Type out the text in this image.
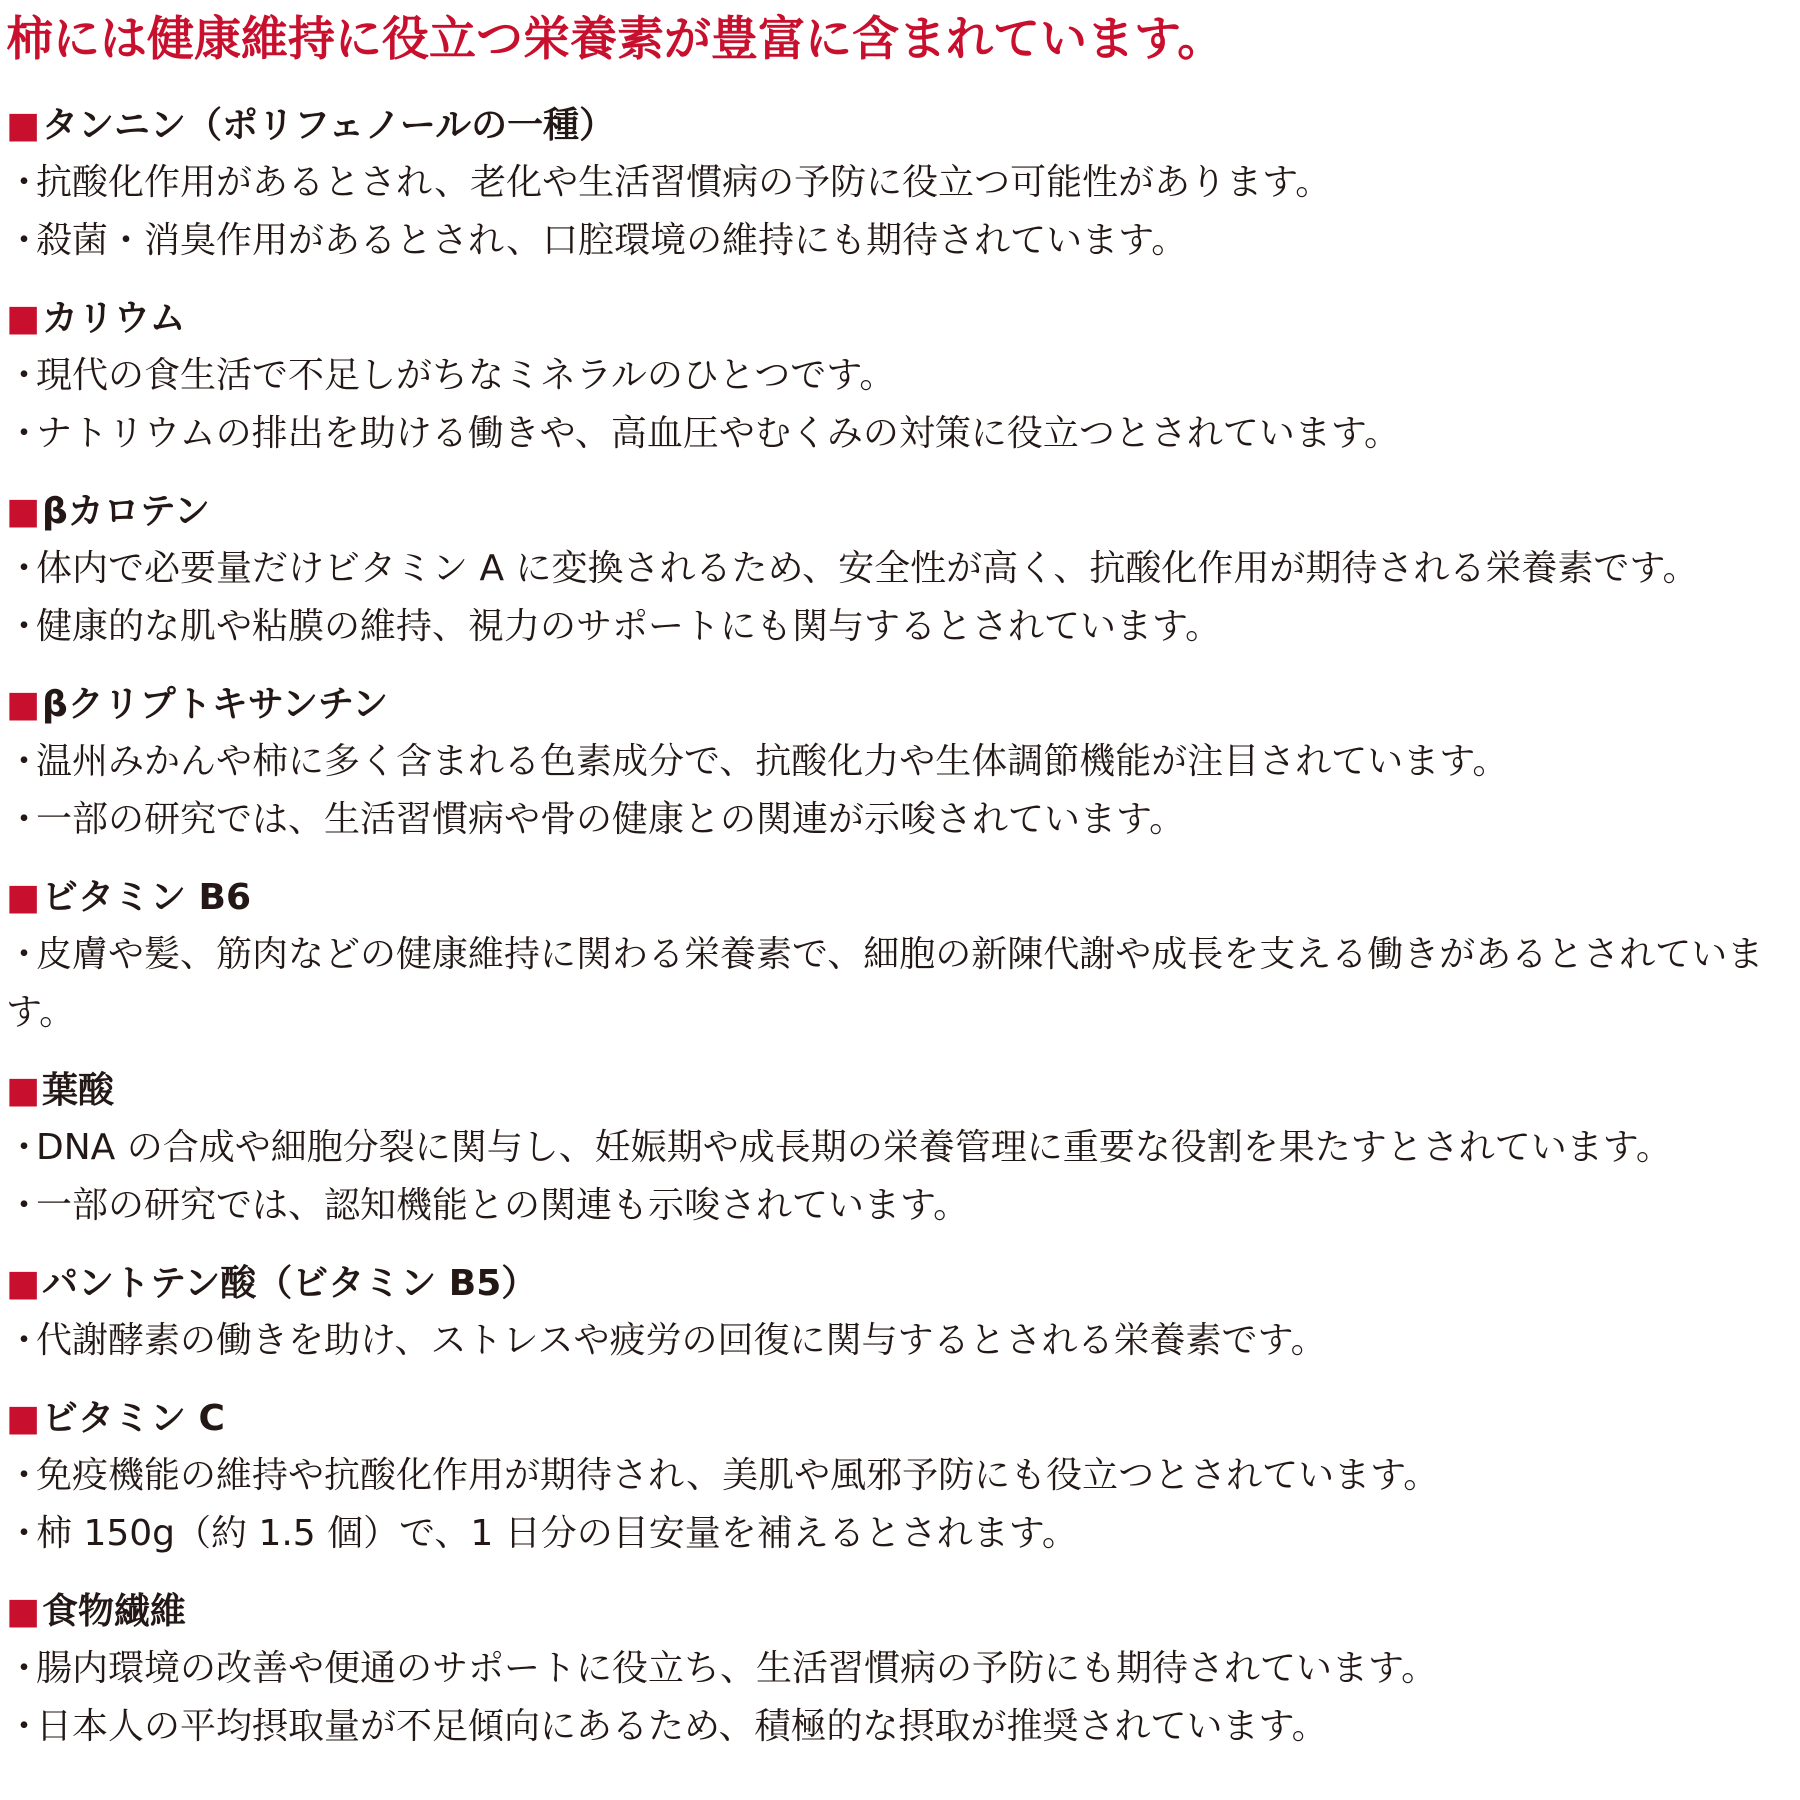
柿には健康維持に役立つ栄養素が豊富に含まれています。
■ タンニン（ポリフェノールの一種）
・抗酸化作用があるとされ、老化や生活習慣病の予防に役立つ可能性があります。
・殺菌・消臭作用があるとされ、口腔環境の維持にも期待されています。
■ カリウム
・現代の食生活で不足しがちなミネラルのひとつです。
・ナトリウムの排出を助ける働きや、高血圧やむくみの対策に役立つとされています。
■ βカロテン
・体内で必要量だけビタミン A に変換されるため、安全性が高く、抗酸化作用が期待される栄養素です。
・健康的な肌や粘膜の維持、視力のサポートにも関与するとされています。
■ βクリプトキサンチン
・温州みかんや柿に多く含まれる色素成分で、抗酸化力や生体調節機能が注目されています。
・一部の研究では、生活習慣病や骨の健康との関連が示唆されています。
■ ビタミン B6
・皮膚や髪、筋肉などの健康維持に関わる栄養素で、細胞の新陳代謝や成長を支える働きがあるとされています。
■ 葉酸
・DNA の合成や細胞分裂に関与し、妊娠期や成長期の栄養管理に重要な役割を果たすとされています。
・一部の研究では、認知機能との関連も示唆されています。
■ パントテン酸（ビタミン B5）
・代謝酵素の働きを助け、ストレスや疲労の回復に関与するとされる栄養素です。
■ ビタミン C
・免疫機能の維持や抗酸化作用が期待され、美肌や風邪予防にも役立つとされています。
・柿 150g（約 1.5 個）で、1 日分の目安量を補えるとされます。
■ 食物繊維
・腸内環境の改善や便通のサポートに役立ち、生活習慣病の予防にも期待されています。
・日本人の平均摂取量が不足傾向にあるため、積極的な摂取が推奨されています。
